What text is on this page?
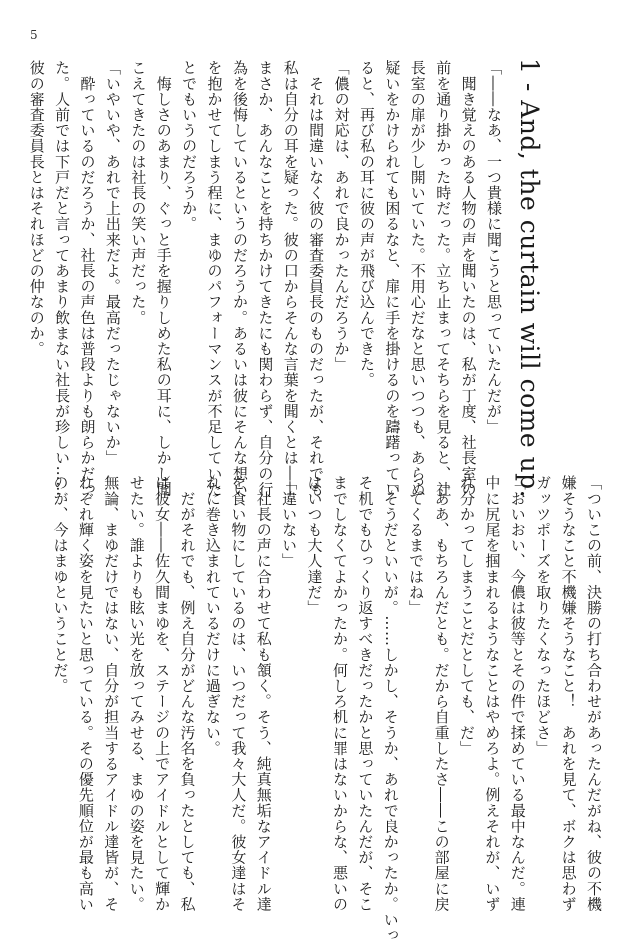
5
1 - And, the curtain will come up.
「――なあ、一つ貴様に聞こうと思っていたんだが」
　聞き覚えのある人物の声を聞いたのは、私が丁度、社長室の
前を通り掛かった時だった。立ち止まってそちらを見ると、社
長室の扉が少し開いていた。不用心だなと思いつつも、あらぬ
疑いをかけられても困るなと、扉に手を掛けるのを躊躇ってい
ると、再び私の耳に彼の声が飛び込んできた。
「儂の対応は、あれで良かったんだろうか」
　それは間違いなく彼の審査委員長のものだったが、それでも
私は自分の耳を疑った。彼の口からそんな言葉を聞くとは――
まさか、あんなことを持ちかけてきたにも関わらず、自分の行
為を後悔しているというのだろうか。あるいは彼にそんな想い
を抱かせてしまう程に、まゆのパフォーマンスが不足していた
とでもいうのだろうか。
　悔しさのあまり、ぐっと手を握りしめた私の耳に、しかし聞
こえてきたのは社長の笑い声だった。
「いやいや、あれで上出来だよ。最高だったじゃないか」
　酔っているのだろうか、社長の声色は普段よりも朗らかだっ
た。人前では下戸だと言ってあまり飲まない社長が珍しい……
彼の審査委員長とはそれほどの仲なのか。
「ついこの前、決勝の打ち合わせがあったんだがね、彼の不機
嫌そうなこと不機嫌そうなこと！　あれを見て、ボクは思わず
ガッツポーズを取りたくなったほどさ」
「おいおい、今儂は彼等とその件で揉めている最中なんだ。連
中に尻尾を掴まれるようなことはやめろよ。例えそれが、いず
れ分かってしまうことだとしても、だ」
「ああ、もちろんだとも。だから自重したさ――この部屋に戻
ってくるまではね」
「そうだといいが。……しかし、そうか、あれで良かったか。いっ
そ机でもひっくり返すべきだったかと思っていたんだが、そこ
までしなくてよかったか。何しろ机に罪はないからな、悪いの
はいつも大人達だ」
「違いない」
　社長の声に合わせて私も頷く。そう、純真無垢なアイドル達
を食い物にしているのは、いつだって我々大人だ。彼女達はそ
れに巻き込まれているだけに過ぎない。
　だがそれでも、例え自分がどんな汚名を負ったとしても、私
は彼女――佐久間まゆを、ステージの上でアイドルとして輝か
せたい。誰よりも眩い光を放ってみせる、まゆの姿を見たい。
無論、まゆだけではない、自分が担当するアイドル達皆が、そ
れぞれ輝く姿を見たいと思っている。その優先順位が最も高い
のが、今はまゆということだ。
